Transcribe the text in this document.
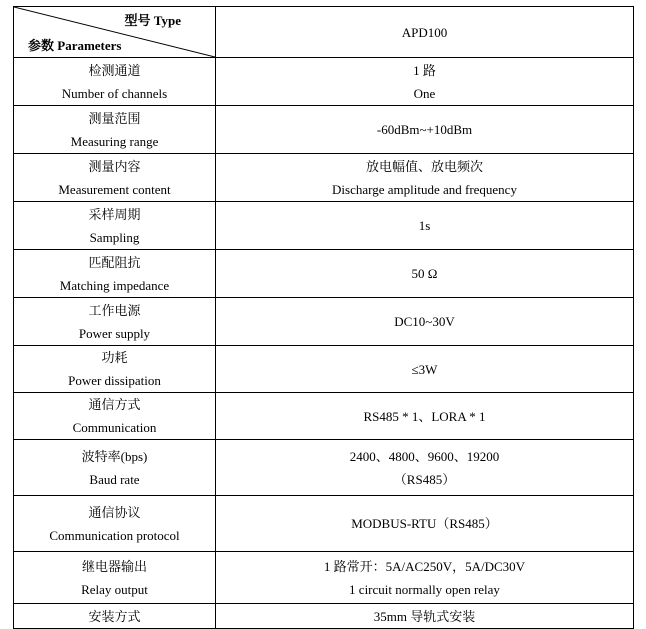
型号 Type
参数 Parameters	APD100

检测通道
Number of channels	1 路
One

测量范围
Measuring range	-60dBm~+10dBm

测量内容
Measurement content	放电幅值、放电频次
Discharge amplitude and frequency

采样周期
Sampling	1s

匹配阻抗
Matching impedance	50 Ω

工作电源
Power supply	DC10~30V

功耗
Power dissipation	≤3W

通信方式
Communication	RS485 * 1、LORA * 1

波特率(bps)
Baud rate	2400、4800、9600、19200
（RS485）

通信协议
Communication protocol	MODBUS-RTU（RS485）

继电器输出
Relay output	1 路常开：5A/AC250V，5A/DC30V
1 circuit normally open relay

安装方式	35mm 导轨式安装
